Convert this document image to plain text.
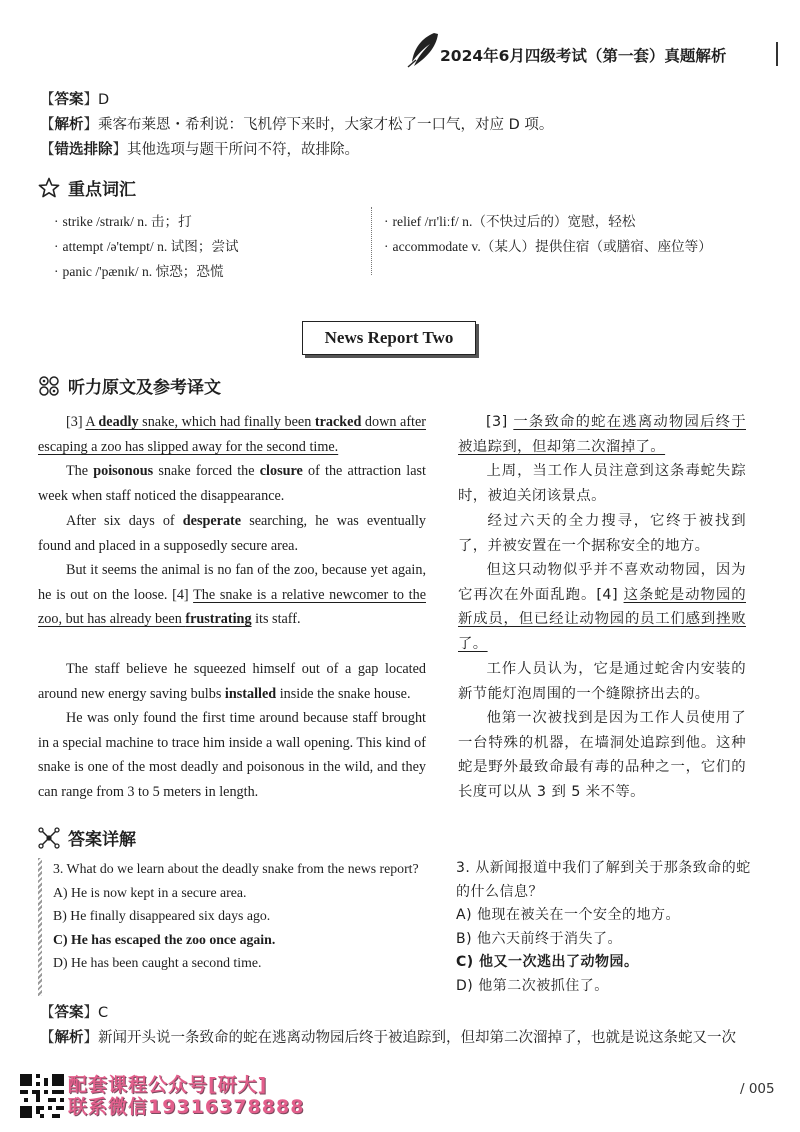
2024年6月四级考试（第一套）真题解析
【答案】D
【解析】乘客布莱恩・希利说：飞机停下来时，大家才松了一口气，对应 D 项。
【错选排除】其他选项与题干所问不符，故排除。
重点词汇
· strike /straɪk/ n. 击；打
· attempt /ə'tempt/ n. 试图；尝试
· panic /'pænɪk/ n. 惊恐；恐慌
· relief /rɪ'liːf/ n.（不快过后的）宽慰，轻松
· accommodate v.（某人）提供住宿（或膳宿、座位等）
News Report Two
听力原文及参考译文
[3] A deadly snake, which had finally been tracked down after escaping a zoo has slipped away for the second time.
The poisonous snake forced the closure of the attraction last week when staff noticed the disappearance.
After six days of desperate searching, he was eventually found and placed in a supposedly secure area.
But it seems the animal is no fan of the zoo, because yet again, he is out on the loose. [4] The snake is a relative newcomer to the zoo, but has already been frustrating its staff.
The staff believe he squeezed himself out of a gap located around new energy saving bulbs installed inside the snake house.
He was only found the first time around because staff brought in a special machine to trace him inside a wall opening. This kind of snake is one of the most deadly and poisonous in the wild, and they can range from 3 to 5 meters in length.
[3] 一条致命的蛇在逃离动物园后终于被追踪到，但却第二次溜掉了。
上周，当工作人员注意到这条毒蛇失踪时，被迫关闭该景点。
经过六天的全力搜寻，它终于被找到了，并被安置在一个据称安全的地方。
但这只动物似乎并不喜欢动物园，因为它再次在外面乱跑。[4] 这条蛇是动物园的新成员，但已经让动物园的员工们感到挫败了。
工作人员认为，它是通过蛇舍内安装的新节能灯泡周围的一个缝隙挤出去的。
他第一次被找到是因为工作人员使用了一台特殊的机器，在墙洞处追踪到他。这种蛇是野外最致命最有毒的品种之一，它们的长度可以从 3 到 5 米不等。
答案详解
3. What do we learn about the deadly snake from the news report?
A) He is now kept in a secure area.
B) He finally disappeared six days ago.
C) He has escaped the zoo once again.
D) He has been caught a second time.
3. 从新闻报道中我们了解到关于那条致命的蛇的什么信息？
A) 他现在被关在一个安全的地方。
B) 他六天前终于消失了。
C) 他又一次逃出了动物园。
D) 他第二次被抓住了。
【答案】C
【解析】新闻开头说一条致命的蛇在逃离动物园后终于被追踪到，但却第二次溜掉了，也就是说这条蛇又一次
配套课程公众号[研大]
联系微信19316378888
/ 005
